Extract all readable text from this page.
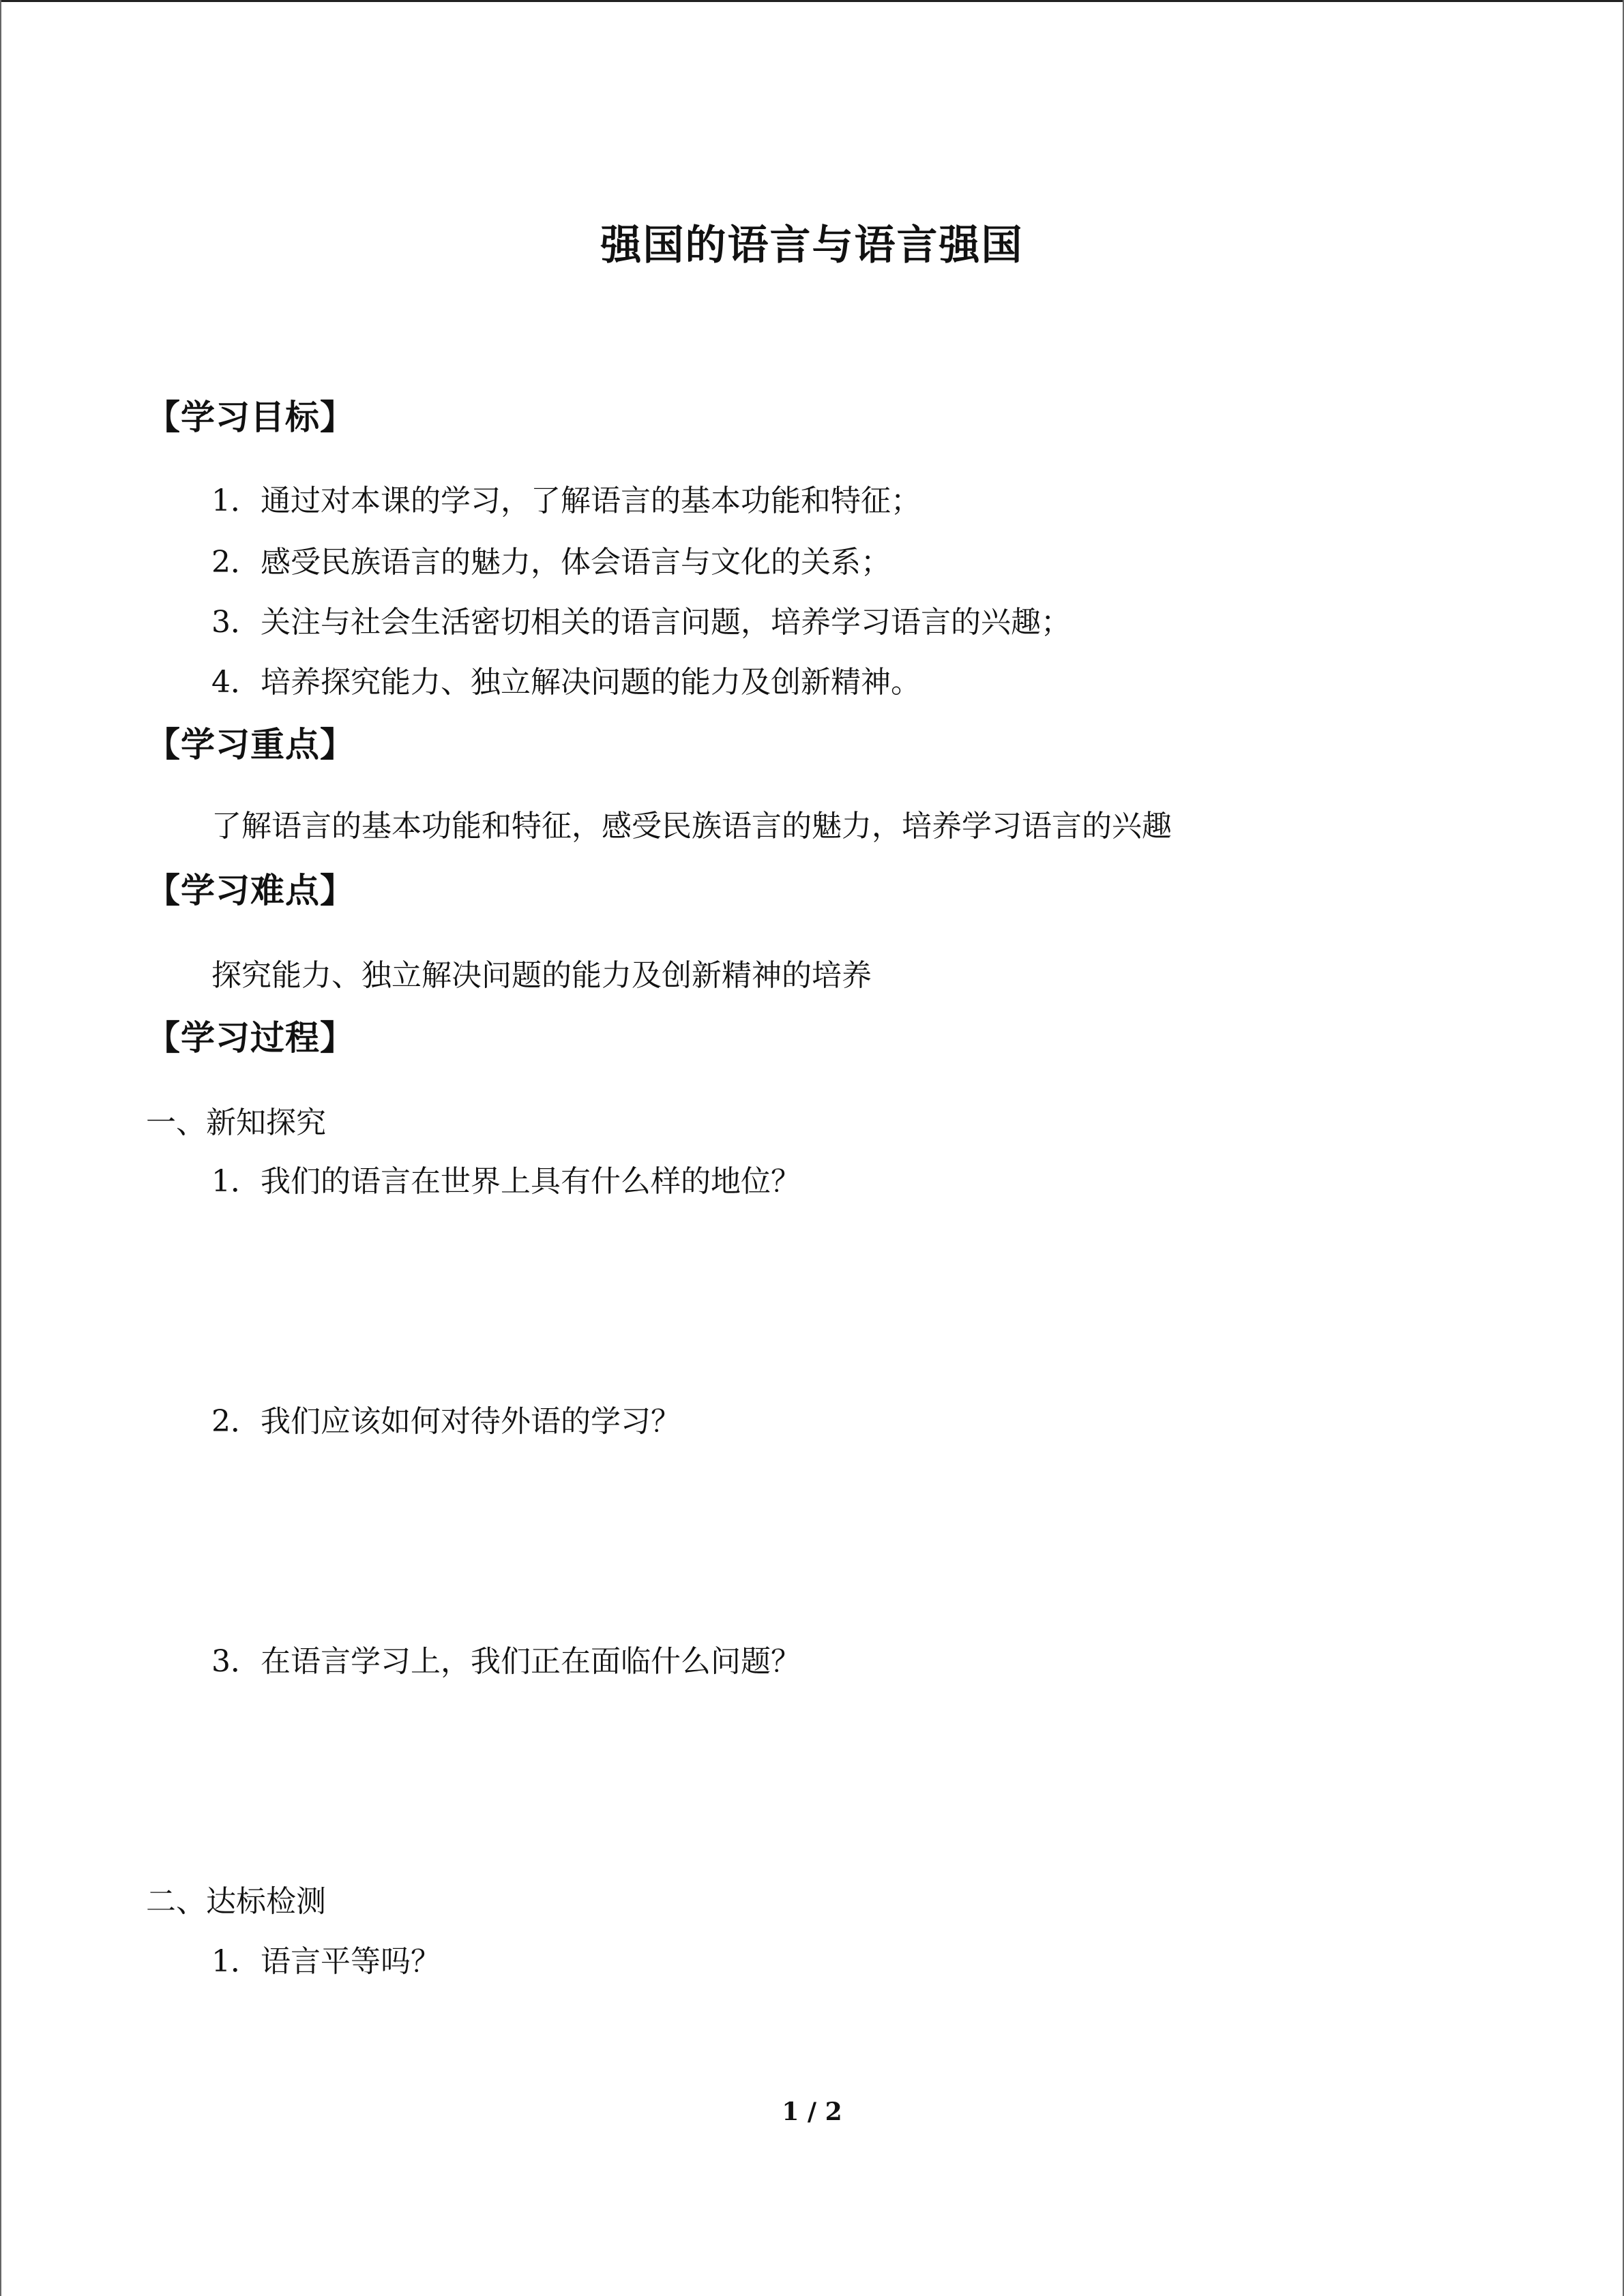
强国的语言与语言强国
【学习目标】
1．通过对本课的学习，了解语言的基本功能和特征；
2．感受民族语言的魅力，体会语言与文化的关系；
3．关注与社会生活密切相关的语言问题，培养学习语言的兴趣；
4．培养探究能力、独立解决问题的能力及创新精神。
【学习重点】
了解语言的基本功能和特征，感受民族语言的魅力，培养学习语言的兴趣
【学习难点】
探究能力、独立解决问题的能力及创新精神的培养
【学习过程】
一、新知探究
1．我们的语言在世界上具有什么样的地位？
2．我们应该如何对待外语的学习？
3．在语言学习上，我们正在面临什么问题？
二、达标检测
1．语言平等吗？
1 / 2
